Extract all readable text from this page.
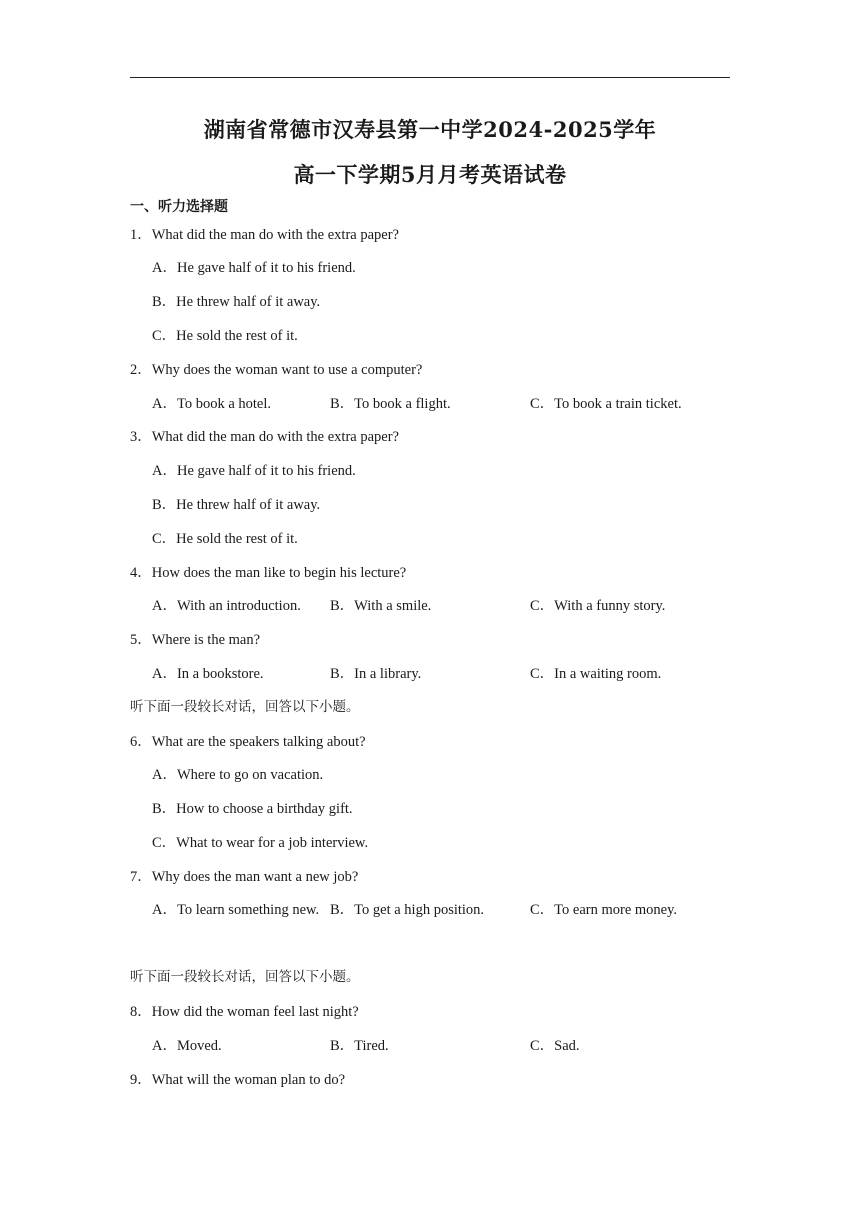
湖南省常德市汉寿县第一中学2024-2025学年
高一下学期5月月考英语试卷
一、听力选择题
1．What did the man do with the extra paper?
A．He gave half of it to his friend.
B．He threw half of it away.
C．He sold the rest of it.
2．Why does the woman want to use a computer?
A．To book a hotel.	B．To book a flight.	C．To book a train ticket.
3．What did the man do with the extra paper?
A．He gave half of it to his friend.
B．He threw half of it away.
C．He sold the rest of it.
4．How does the man like to begin his lecture?
A．With an introduction. B．With a smile.	C．With a funny story.
5．Where is the man?
A．In a bookstore.	B．In a library.	C．In a waiting room.
听下面一段较长对话，回答以下小题。
6．What are the speakers talking about?
A．Where to go on vacation.
B．How to choose a birthday gift.
C．What to wear for a job interview.
7．Why does the man want a new job?
A．To learn something new. B．To get a high position.	C．To earn more money.
听下面一段较长对话，回答以下小题。
8．How did the woman feel last night?
A．Moved.	B．Tired.	C．Sad.
9．What will the woman plan to do?
